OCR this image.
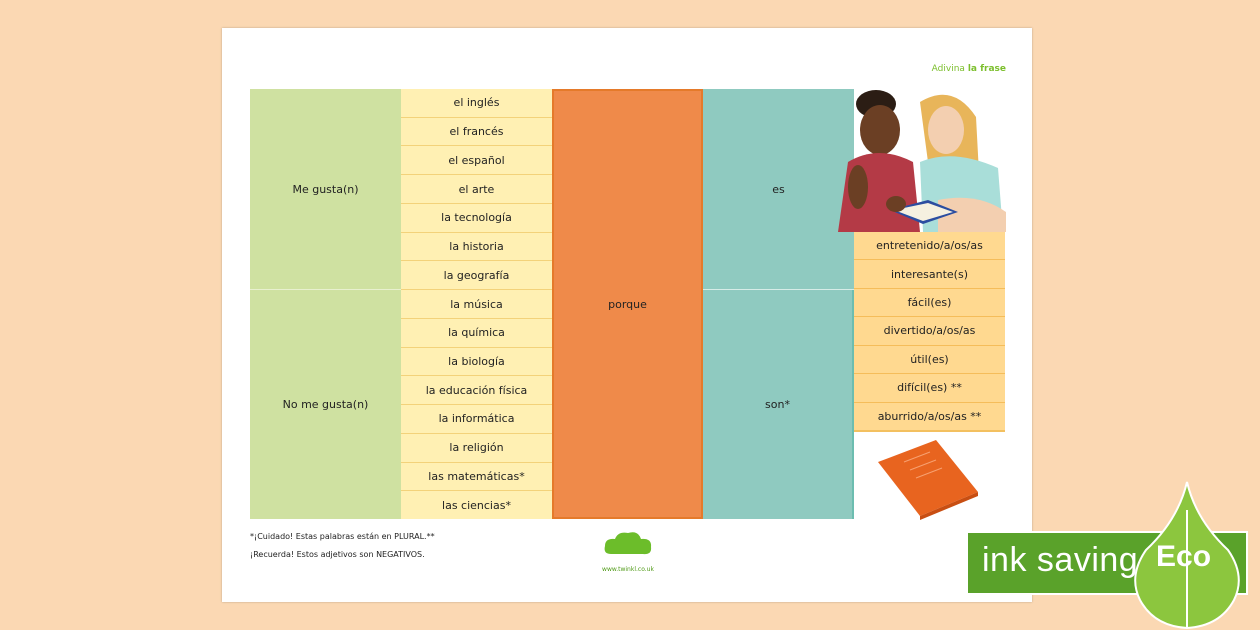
Adivina la frase
Me gusta(n)
No me gusta(n)
el inglés
el francés
el español
el arte
la tecnología
la historia
la geografía
la música
la química
la biología
la educación física
la informática
la religión
las matemáticas*
las ciencias*
porque
es
son*
entretenido/a/os/as
interesante(s)
fácil(es)
divertido/a/os/as
útil(es)
difícil(es) **
aburrido/a/os/as **
*¡Cuidado! Estas palabras están en PLURAL.**
¡Recuerda! Estos adjetivos son NEGATIVOS.
www.twinkl.co.uk	ink saving Eco
